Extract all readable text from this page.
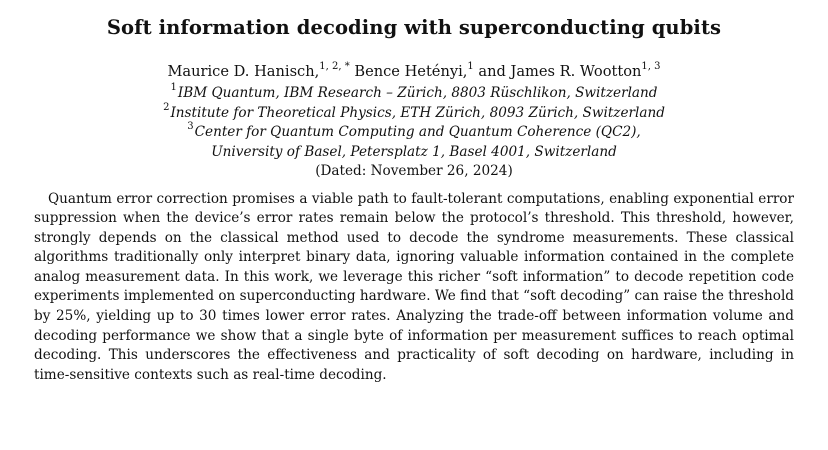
Soft information decoding with superconducting qubits
Maurice D. Hanisch,$^{1, 2, *}$ Bence Hetényi,$^1$ and James R. Wootton$^{1, 3}$

$^1$IBM Quantum, IBM Research – Zürich, 8803 Rüschlikon, Switzerland

$^2$Institute for Theoretical Physics, ETH Zürich, 8093 Zürich, Switzerland

$^3$Center for Quantum Computing and Quantum Coherence (QC2),

University of Basel, Petersplatz 1, Basel 4001, Switzerland

(Dated: November 26, 2024)

Quantum error correction promises a viable path to fault-tolerant computations, enabling exponential error suppression when the device’s error rates remain below the protocol’s threshold. This threshold, however, strongly depends on the classical method used to decode the syndrome measurements. These classical algorithms traditionally only interpret binary data, ignoring valuable information contained in the complete analog measurement data. In this work, we leverage this richer “soft information” to decode repetition code experiments implemented on superconducting hardware. We find that “soft decoding” can raise the threshold by 25%, yielding up to 30 times lower error rates. Analyzing the trade-off between information volume and decoding performance we show that a single byte of information per measurement suffices to reach optimal decoding. This underscores the effectiveness and practicality of soft decoding on hardware, including in time-sensitive contexts such as real-time decoding.
